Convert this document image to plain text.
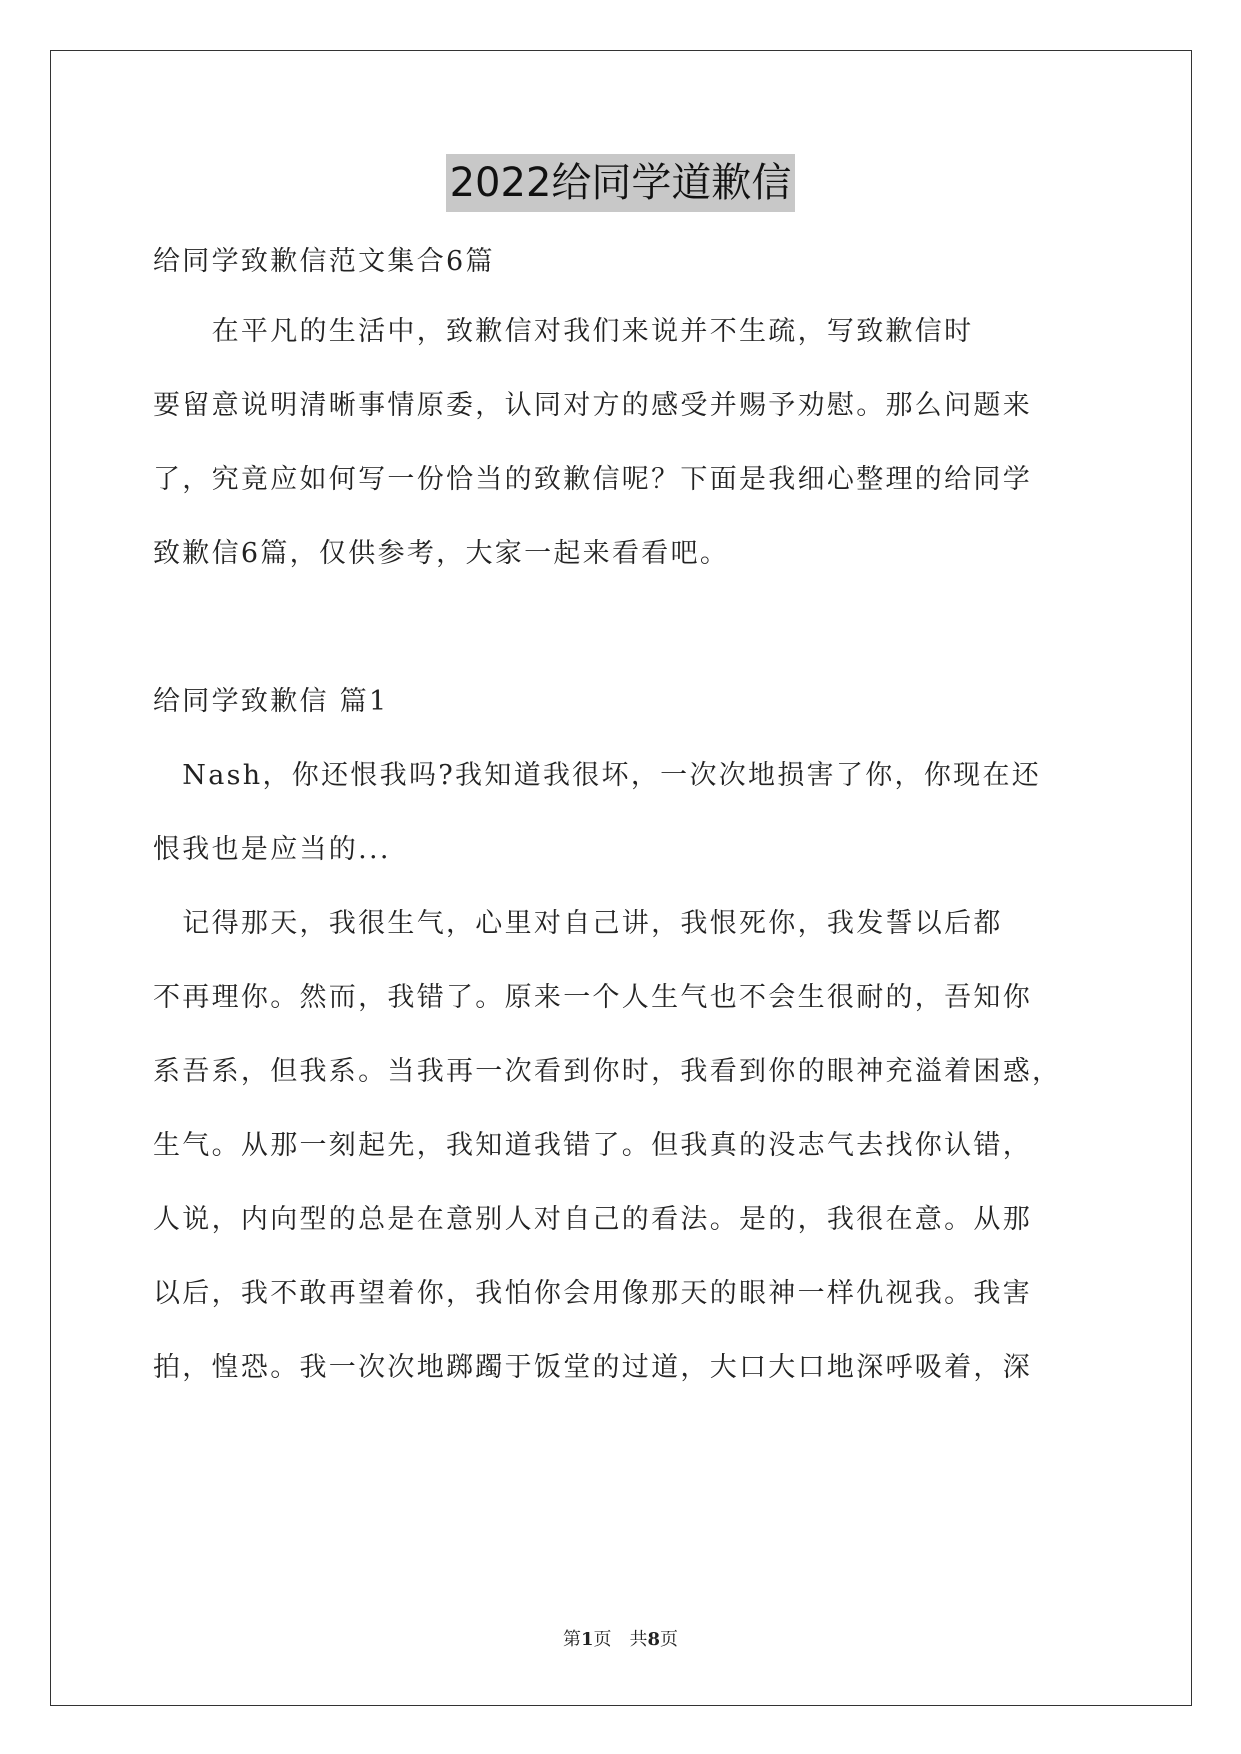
2022给同学道歉信
给同学致歉信范文集合6篇
　　在平凡的生活中，致歉信对我们来说并不生疏，写致歉信时
要留意说明清晰事情原委，认同对方的感受并赐予劝慰。那么问题来
了，究竟应如何写一份恰当的致歉信呢？下面是我细心整理的给同学
致歉信6篇，仅供参考，大家一起来看看吧。
给同学致歉信 篇1
　Nash，你还恨我吗?我知道我很坏，一次次地损害了你，你现在还
恨我也是应当的...
　记得那天，我很生气，心里对自己讲，我恨死你，我发誓以后都
不再理你。然而，我错了。原来一个人生气也不会生很耐的，吾知你
系吾系，但我系。当我再一次看到你时，我看到你的眼神充溢着困惑，
生气。从那一刻起先，我知道我错了。但我真的没志气去找你认错，
人说，内向型的总是在意别人对自己的看法。是的，我很在意。从那
以后，我不敢再望着你，我怕你会用像那天的眼神一样仇视我。我害
拍，惶恐。我一次次地踯躅于饭堂的过道，大口大口地深呼吸着，深
第1页　共8页
